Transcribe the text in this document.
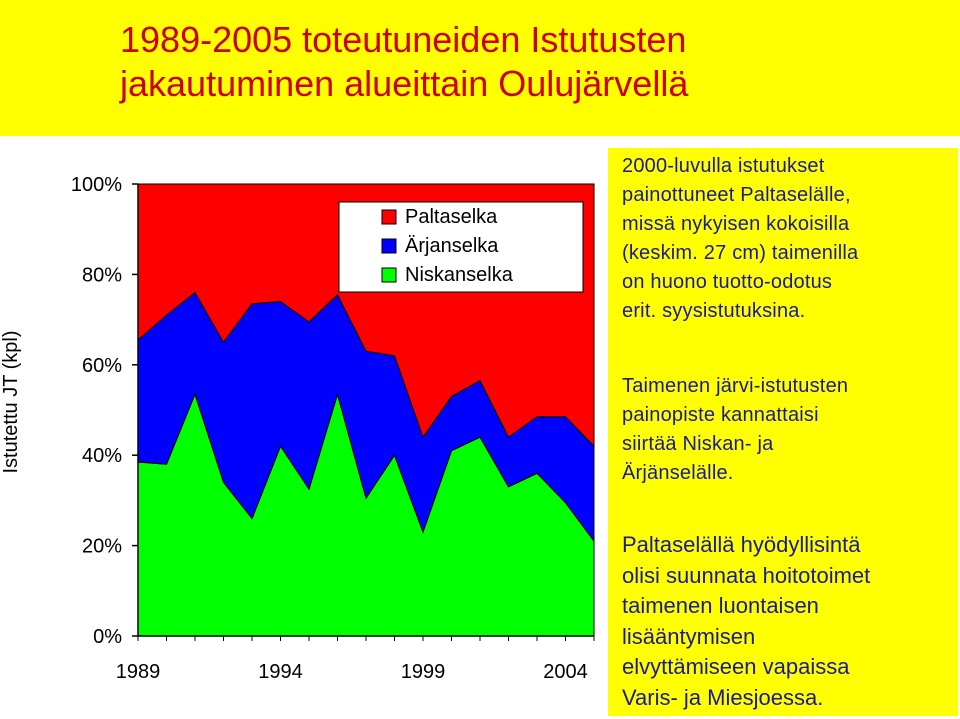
1989-2005 toteutuneiden Istutusten
jakautuminen alueittain Oulujärvellä
Istutettu JT (kpl)
0%
20%
40%
60%
80%
100%
1989	1994	1999	2004
Paltaselka
Ärjanselka
Niskanselka

2000-luvulla istutukset
painottuneet Paltaselälle,
missä nykyisen kokoisilla
(keskim. 27 cm) taimenilla
on huono tuotto-odotus
erit. syysistutuksina.

Taimenen järvi-istutusten
painopiste kannattaisi
siirtää Niskan- ja
Ärjänselälle.

Paltaselällä hyödyllisintä
olisi suunnata hoitotoimet
taimenen luontaisen
lisääntymisen
elvyttämiseen vapaissa
Varis- ja Miesjoessa.
